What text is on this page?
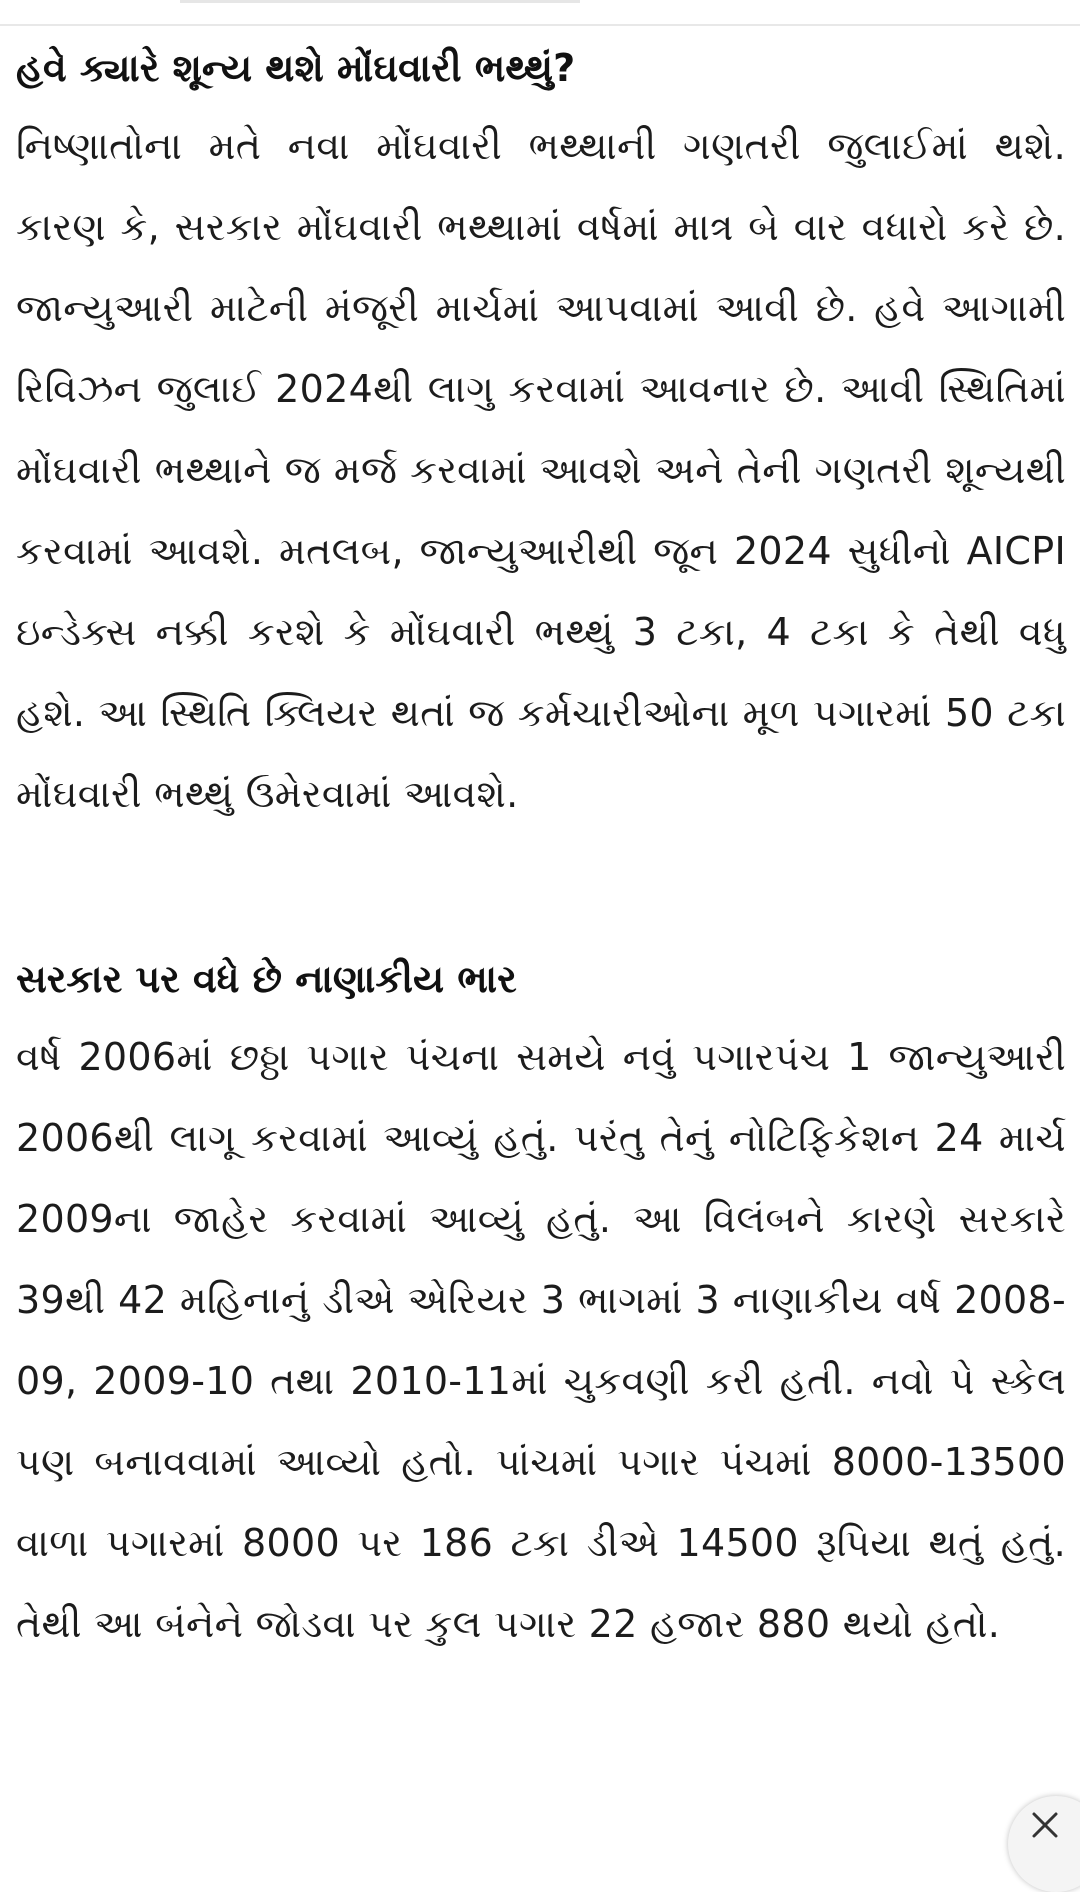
હવે ક્યારે શૂન્ય થશે મોંઘવારી ભથ્થું?

નિષ્ણાતોના મતે નવા મોંઘવારી ભથ્થાની ગણતરી જુલાઈમાં થશે. કારણ કે, સરકાર મોંઘવારી ભથ્થામાં વર્ષમાં માત્ર બે વાર વધારો કરે છે. જાન્યુઆરી માટેની મંજૂરી માર્ચમાં આપવામાં આવી છે. હવે આગામી રિવિઝન જુલાઈ 2024થી લાગુ કરવામાં આવનાર છે. આવી સ્થિતિમાં મોંઘવારી ભથ્થાને જ મર્જ કરવામાં આવશે અને તેની ગણતરી શૂન્યથી કરવામાં આવશે. મતલબ, જાન્યુઆરીથી જૂન 2024 સુધીનો AICPI ઇન્ડેક્સ નક્કી કરશે કે મોંઘવારી ભથ્થું 3 ટકા, 4 ટકા કે તેથી વધુ હશે. આ સ્થિતિ ક્લિયર થતાં જ કર્મચારીઓના મૂળ પગારમાં 50 ટકા મોંઘવારી ભથ્થું ઉમેરવામાં આવશે.

સરકાર પર વધે છે નાણાકીય ભાર

વર્ષ 2006માં છઠ્ઠા પગાર પંચના સમયે નવું પગારપંચ 1 જાન્યુઆરી 2006થી લાગૂ કરવામાં આવ્યું હતું. પરંતુ તેનું નોટિફિકેશન 24 માર્ચ 2009ના જાહેર કરવામાં આવ્યું હતું. આ વિલંબને કારણે સરકારે 39થી 42 મહિનાનું ડીએ એરિયર 3 ભાગમાં 3 નાણાકીય વર્ષ 2008-09, 2009-10 તથા 2010-11માં ચુકવણી કરી હતી. નવો પે સ્કેલ પણ બનાવવામાં આવ્યો હતો. પાંચમાં પગાર પંચમાં 8000-13500 વાળા પગારમાં 8000 પર 186 ટકા ડીએ 14500 રૂપિયા થતું હતું. તેથી આ બંનેને જોડવા પર કુલ પગાર 22 હજાર 880 થયો હતો.
